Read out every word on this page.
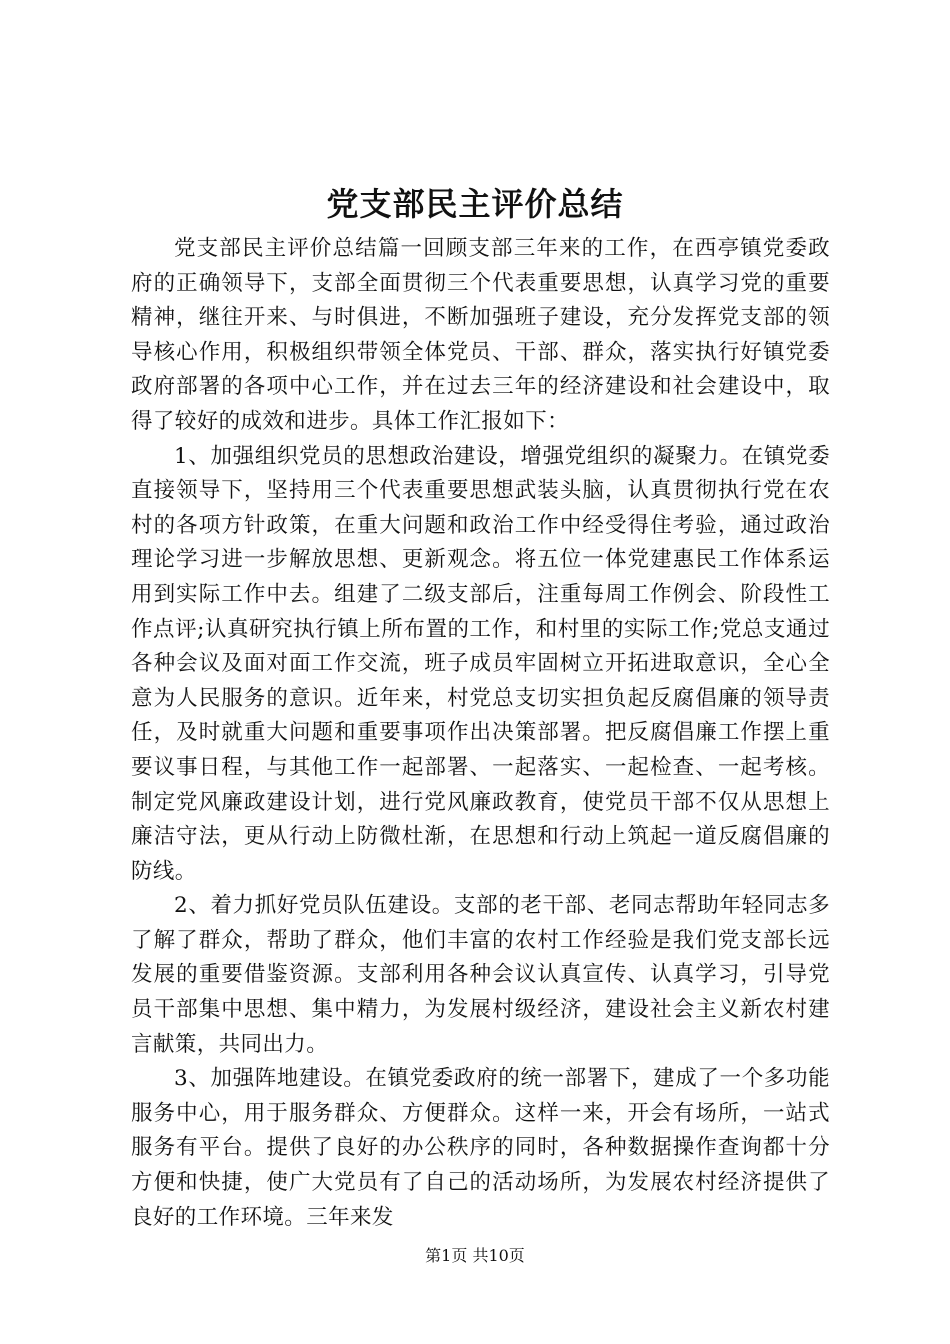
党支部民主评价总结

党支部民主评价总结篇一回顾支部三年来的工作，在西亭镇党委政府的正确领导下，支部全面贯彻三个代表重要思想，认真学习党的重要精神，继往开来、与时俱进，不断加强班子建设，充分发挥党支部的领导核心作用，积极组织带领全体党员、干部、群众，落实执行好镇党委政府部署的各项中心工作，并在过去三年的经济建设和社会建设中，取得了较好的成效和进步。具体工作汇报如下：

1、加强组织党员的思想政治建设，增强党组织的凝聚力。在镇党委直接领导下，坚持用三个代表重要思想武装头脑，认真贯彻执行党在农村的各项方针政策，在重大问题和政治工作中经受得住考验，通过政治理论学习进一步解放思想、更新观念。将五位一体党建惠民工作体系运用到实际工作中去。组建了二级支部后，注重每周工作例会、阶段性工作点评;认真研究执行镇上所布置的工作，和村里的实际工作;党总支通过各种会议及面对面工作交流，班子成员牢固树立开拓进取意识，全心全意为人民服务的意识。近年来，村党总支切实担负起反腐倡廉的领导责任，及时就重大问题和重要事项作出决策部署。把反腐倡廉工作摆上重要议事日程，与其他工作一起部署、一起落实、一起检查、一起考核。制定党风廉政建设计划，进行党风廉政教育，使党员干部不仅从思想上廉洁守法，更从行动上防微杜渐，在思想和行动上筑起一道反腐倡廉的防线。

2、着力抓好党员队伍建设。支部的老干部、老同志帮助年轻同志多了解了群众，帮助了群众，他们丰富的农村工作经验是我们党支部长远发展的重要借鉴资源。支部利用各种会议认真宣传、认真学习，引导党员干部集中思想、集中精力，为发展村级经济，建设社会主义新农村建言献策，共同出力。

3、加强阵地建设。在镇党委政府的统一部署下，建成了一个多功能服务中心，用于服务群众、方便群众。这样一来，开会有场所，一站式服务有平台。提供了良好的办公秩序的同时，各种数据操作查询都十分方便和快捷，使广大党员有了自己的活动场所，为发展农村经济提供了良好的工作环境。三年来发

第1页 共10页
